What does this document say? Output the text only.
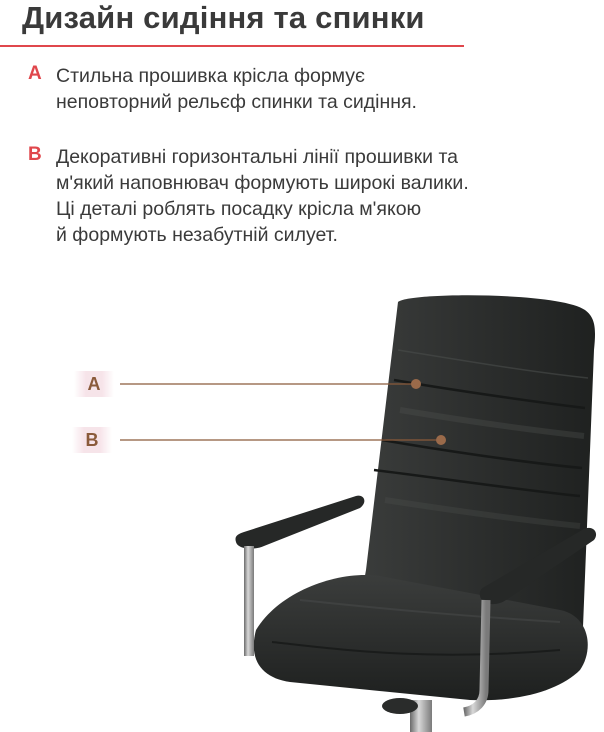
Дизайн сидіння та спинки
A Стильна прошивка крісла формує
неповторний рельєф спинки та сидіння.
B Декоративні горизонтальні лінії прошивки та
м'який наповнювач формують широкі валики.
Ці деталі роблять посадку крісла м'якою
й формують незабутній силует.
A
B
